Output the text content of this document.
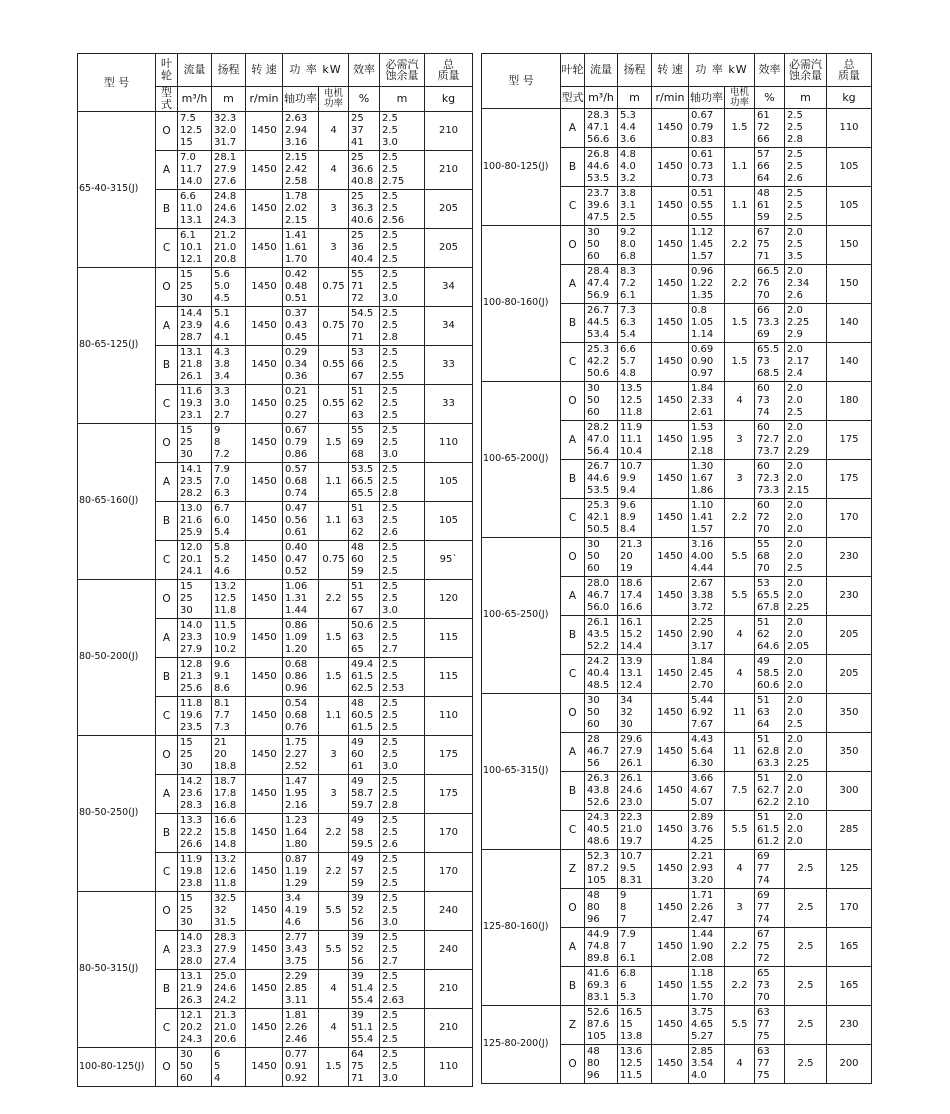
型 号	叶轮	流量	扬程	转 速	功 率 kW		效率	必需汽
蚀余量	总
质量

	型式	m³/h	m	r/min	轴功率	电机
功率	%	m	kg
65-40-315(J)	O	7.5
12.5
15	32.3
32.0
31.7	1450	2.63
2.94
3.16	4	25
37
41	2.5
2.5
3.0	210
	A	7.0
11.7
14.0	28.1
27.9
27.6	1450	2.15
2.42
2.58	4	25
36.6
40.8	2.5
2.5
2.75	210
	B	6.6
11.0
13.1	24.8
24.6
24.3	1450	1.78
2.02
2.15	3	25
36.3
40.6	2.5
2.5
2.56	205
	C	6.1
10.1
12.1	21.2
21.0
20.8	1450	1.41
1.61
1.70	3	25
36
40.4	2.5
2.5
2.5	205
80-65-125(J)	O	15
25
30	5.6
5.0
4.5	1450	0.42
0.48
0.51	0.75	55
71
72	2.5
2.5
3.0	34
	A	14.4
23.9
28.7	5.1
4.6
4.1	1450	0.37
0.43
0.45	0.75	54.5
70
71	2.5
2.5
2.8	34
	B	13.1
21.8
26.1	4.3
3.8
3.4	1450	0.29
0.34
0.36	0.55	53
66
67	2.5
2.5
2.55	33
	C	11.6
19.3
23.1	3.3
3.0
2.7	1450	0.21
0.25
0.27	0.55	51
62
63	2.5
2.5
2.5	33
80-65-160(J)	O	15
25
30	9
8
7.2	1450	0.67
0.79
0.86	1.5	55
69
68	2.5
2.5
3.0	110
	A	14.1
23.5
28.2	7.9
7.0
6.3	1450	0.57
0.68
0.74	1.1	53.5
66.5
65.5	2.5
2.5
2.8	105
	B	13.0
21.6
25.9	6.7
6.0
5.4	1450	0.47
0.56
0.61	1.1	51
63
62	2.5
2.5
2.6	105
	C	12.0
20.1
24.1	5.8
5.2
4.6	1450	0.40
0.47
0.52	0.75	48
60
59	2.5
2.5
2.5	95`
80-50-200(J)	O	15
25
30	13.2
12.5
11.8	1450	1.06
1.31
1.44	2.2	51
55
67	2.5
2.5
3.0	120
	A	14.0
23.3
27.9	11.5
10.9
10.2	1450	0.86
1.09
1.20	1.5	50.6
63
65	2.5
2.5
2.7	115
	B	12.8
21.3
25.6	9.6
9.1
8.6	1450	0.68
0.86
0.96	1.5	49.4
61.5
62.5	2.5
2.5
2.53	115
	C	11.8
19.6
23.5	8.1
7.7
7.3	1450	0.54
0.68
0.76	1.1	48
60.5
61.5	2.5
2.5
2.5	110
80-50-250(J)	O	15
25
30	21
20
18.8	1450	1.75
2.27
2.52	3	49
60
61	2.5
2.5
3.0	175
	A	14.2
23.6
28.3	18.7
17.8
16.8	1450	1.47
1.95
2.16	3	49
58.7
59.7	2.5
2.5
2.8	175
	B	13.3
22.2
26.6	16.6
15.8
14.8	1450	1.23
1.64
1.80	2.2	49
58
59.5	2.5
2.5
2.6	170
	C	11.9
19.8
23.8	13.2
12.6
11.8	1450	0.87
1.19
1.29	2.2	49
57
59	2.5
2.5
2.5	170
80-50-315(J)	O	15
25
30	32.5
32
31.5	1450	3.4
4.19
4.6	5.5	39
52
56	2.5
2.5
3.0	240
	A	14.0
23.3
28.0	28.3
27.9
27.4	1450	2.77
3.43
3.75	5.5	39
52
56	2.5
2.5
2.7	240
	B	13.1
21.9
26.3	25.0
24.6
24.2	1450	2.29
2.85
3.11	4	39
51.4
55.4	2.5
2.5
2.63	210
	C	12.1
20.2
24.3	21.3
21.0
20.6	1450	1.81
2.26
2.46	4	39
51.1
55.4	2.5
2.5
2.5	210
100-80-125(J)	O	30
50
60	6
5
4	1450	0.77
0.91
0.92	1.5	64
75
71	2.5
2.5
3.0	110
型 号	叶轮	流量	扬程	转 速	功 率 kW		效率	必需汽
蚀余量	总
质量

	型式	m³/h	m	r/min	轴功率	电机
功率	%	m	kg
100-80-125(J)	A	28.3
47.1
56.6	5.3
4.4
3.6	1450	0.67
0.79
0.83	1.5	61
72
66	2.5
2.5
2.8	110
	B	26.8
44.6
53.5	4.8
4.0
3.2	1450	0.61
0.73
0.73	1.1	57
66
64	2.5
2.5
2.6	105
	C	23.7
39.6
47.5	3.8
3.1
2.5	1450	0.51
0.55
0.55	1.1	48
61
59	2.5
2.5
2.5	105
100-80-160(J)	O	30
50
60	9.2
8.0
6.8	1450	1.12
1.45
1.57	2.2	67
75
71	2.0
2.5
3.5	150
	A	28.4
47.4
56.9	8.3
7.2
6.1	1450	0.96
1.22
1.35	2.2	66.5
76
70	2.0
2.34
2.6	150
	B	26.7
44.5
53.4	7.3
6.3
5.4	1450	0.8
1.05
1.14	1.5	66
73.3
69	2.0
2.25
2.9	140
	C	25.3
42.2
50.6	6.6
5.7
4.8	1450	0.69
0.90
0.97	1.5	65.5
73
68.5	2.0
2.17
2.4	140
100-65-200(J)	O	30
50
60	13.5
12.5
11.8	1450	1.84
2.33
2.61	4	60
73
74	2.0
2.0
2.5	180
	A	28.2
47.0
56.4	11.9
11.1
10.4	1450	1.53
1.95
2.18	3	60
72.7
73.7	2.0
2.0
2.29	175
	B	26.7
44.6
53.5	10.7
9.9
9.4	1450	1.30
1.67
1.86	3	60
72.3
73.3	2.0
2.0
2.15	175
	C	25.3
42.1
50.5	9.6
8.9
8.4	1450	1.10
1.41
1.57	2.2	60
72
70	2.0
2.0
2.0	170
100-65-250(J)	O	30
50
60	21.3
20
19	1450	3.16
4.00
4.44	5.5	55
68
70	2.0
2.0
2.5	230
	A	28.0
46.7
56.0	18.6
17.4
16.6	1450	2.67
3.38
3.72	5.5	53
65.5
67.8	2.0
2.0
2.25	230
	B	26.1
43.5
52.2	16.1
15.2
14.4	1450	2.25
2.90
3.17	4	51
62
64.6	2.0
2.0
2.05	205
	C	24.2
40.4
48.5	13.9
13.1
12.4	1450	1.84
2.45
2.70	4	49
58.5
60.6	2.0
2.0
2.0	205
100-65-315(J)	O	30
50
60	34
32
30	1450	5.44
6.92
7.67	11	51
63
64	2.0
2.0
2.5	350
	A	28
46.7
56	29.6
27.9
26.1	1450	4.43
5.64
6.30	11	51
62.8
63.3	2.0
2.0
2.25	350
	B	26.3
43.8
52.6	26.1
24.6
23.0	1450	3.66
4.67
5.07	7.5	51
62.7
62.2	2.0
2.0
2.10	300
	C	24.3
40.5
48.6	22.3
21.0
19.7	1450	2.89
3.76
4.25	5.5	51
61.5
61.2	2.0
2.0
2.0	285
125-80-160(J)	Z	52.3
87.2
105	10.7
9.5
8.31	1450	2.21
2.93
3.20	4	69
77
74	2.5	125
	O	48
80
96	9
8
7	1450	1.71
2.26
2.47	3	69
77
74	2.5	170
	A	44.9
74.8
89.8	7.9
7
6.1	1450	1.44
1.90
2.08	2.2	67
75
72	2.5	165
	B	41.6
69.3
83.1	6.8
6
5.3	1450	1.18
1.55
1.70	2.2	65
73
70	2.5	165
125-80-200(J)	Z	52.6
87.6
105	16.5
15
13.8	1450	3.75
4.65
5.27	5.5	63
77
75	2.5	230
	O	48
80
96	13.6
12.5
11.5	1450	2.85
3.54
4.0	4	63
77
75	2.5	200
